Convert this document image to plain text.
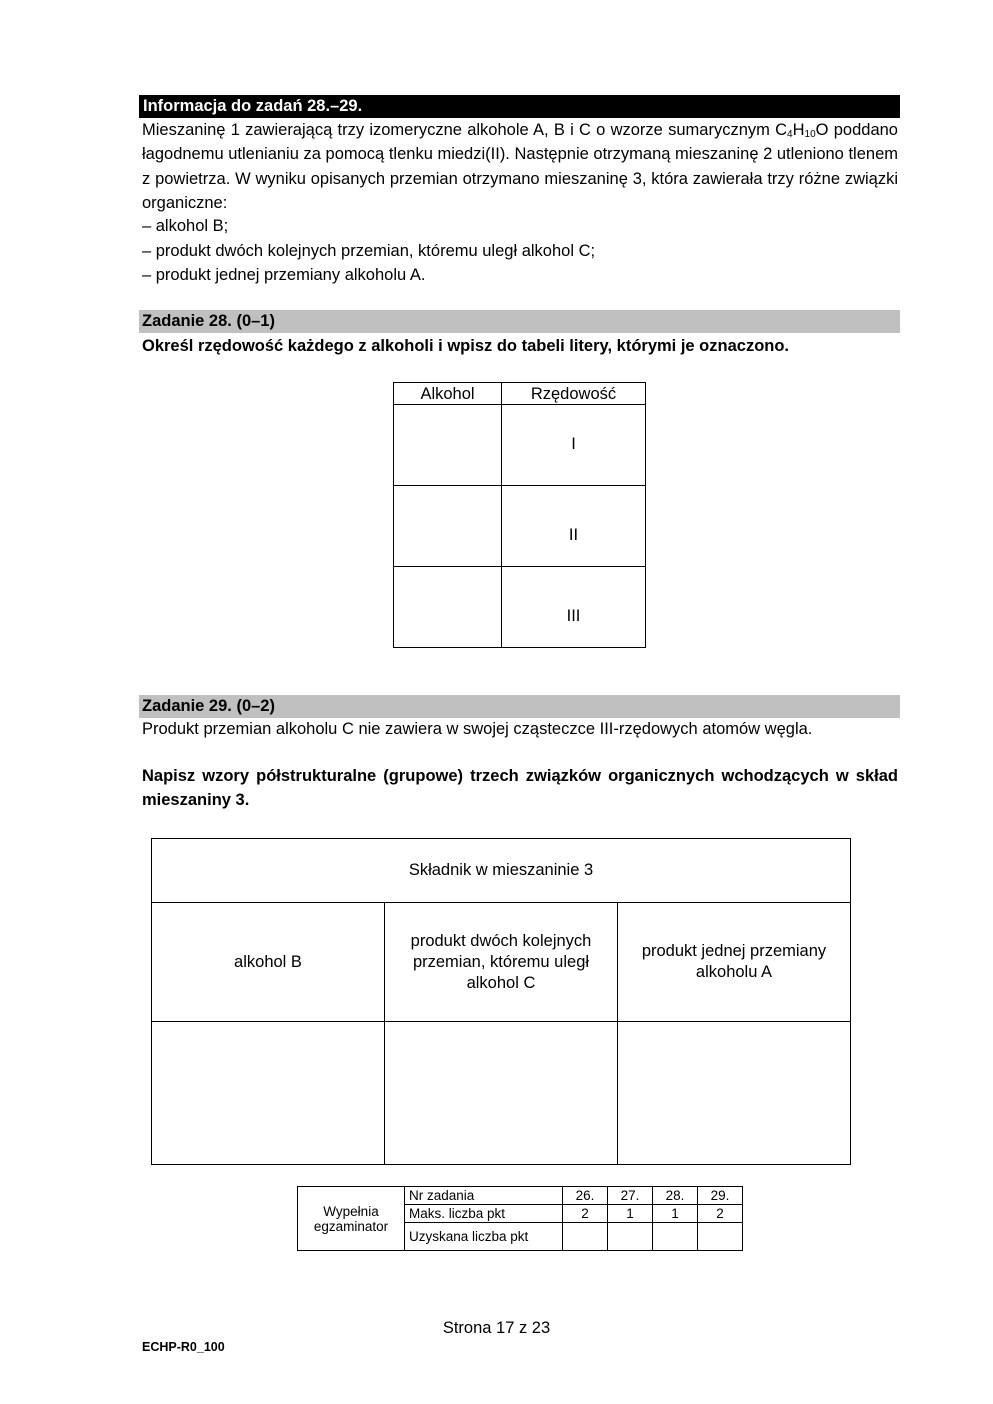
Informacja do zadań 28.–29.
Mieszaninę 1 zawierającą trzy izomeryczne alkohole A, B i C o wzorze sumarycznym $C_4H_{10}O$ poddano łagodnemu utlenianiu za pomocą tlenku miedzi(II). Następnie otrzymaną mieszaninę 2 utleniono tlenem z powietrza. W wyniku opisanych przemian otrzymano mieszaninę 3, która zawierała trzy różne związki organiczne:
– alkohol B;
– produkt dwóch kolejnych przemian, któremu uległ alkohol C;
– produkt jednej przemiany alkoholu A.
Zadanie 28. (0–1)
Określ rzędowość każdego z alkoholi i wpisz do tabeli litery, którymi je oznaczono.
Alkohol	Rzędowość
	I
	II
	III
Zadanie 29. (0–2)
Produkt przemian alkoholu C nie zawiera w swojej cząsteczce III-rzędowych atomów węgla.
Napisz wzory półstrukturalne (grupowe) trzech związków organicznych wchodzących w skład mieszaniny 3.
Składnik w mieszaninie 3		
alkohol B	produkt dwóch kolejnych przemian, któremu uległ alkohol C	produkt jednej przemiany alkoholu A

Wypełnia egzaminator	Nr zadania	26.	27.	28.	29.
	Maks. liczba pkt	2	1	1	2
	Uzyskana liczba pkt				
Strona 17 z 23
ECHP-R0_100
